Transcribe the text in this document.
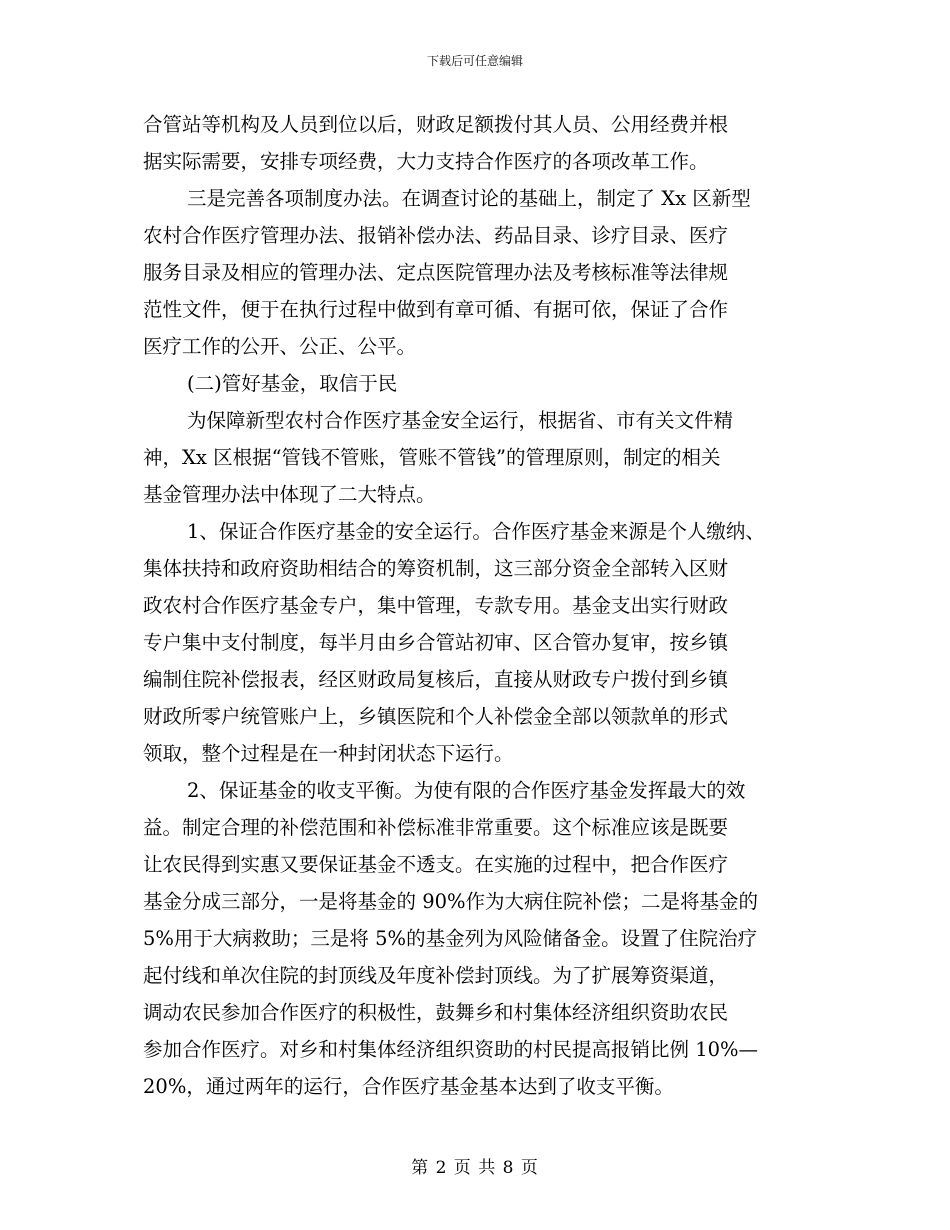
下载后可任意编辑
合管站等机构及人员到位以后，财政足额拨付其人员、公用经费并根
据实际需要，安排专项经费，大力支持合作医疗的各项改革工作。
三是完善各项制度办法。在调查讨论的基础上，制定了 Xx 区新型
农村合作医疗管理办法、报销补偿办法、药品目录、诊疗目录、医疗
服务目录及相应的管理办法、定点医院管理办法及考核标准等法律规
范性文件，便于在执行过程中做到有章可循、有据可依，保证了合作
医疗工作的公开、公正、公平。
(二)管好基金，取信于民
为保障新型农村合作医疗基金安全运行，根据省、市有关文件精
神，Xx 区根据“管钱不管账，管账不管钱”的管理原则，制定的相关
基金管理办法中体现了二大特点。
1、保证合作医疗基金的安全运行。合作医疗基金来源是个人缴纳、
集体扶持和政府资助相结合的筹资机制，这三部分资金全部转入区财
政农村合作医疗基金专户，集中管理，专款专用。基金支出实行财政
专户集中支付制度，每半月由乡合管站初审、区合管办复审，按乡镇
编制住院补偿报表，经区财政局复核后，直接从财政专户拨付到乡镇
财政所零户统管账户上，乡镇医院和个人补偿金全部以领款单的形式
领取，整个过程是在一种封闭状态下运行。
2、保证基金的收支平衡。为使有限的合作医疗基金发挥最大的效
益。制定合理的补偿范围和补偿标准非常重要。这个标准应该是既要
让农民得到实惠又要保证基金不透支。在实施的过程中，把合作医疗
基金分成三部分，一是将基金的 90%作为大病住院补偿；二是将基金的
5%用于大病救助；三是将 5%的基金列为风险储备金。设置了住院治疗
起付线和单次住院的封顶线及年度补偿封顶线。为了扩展筹资渠道，
调动农民参加合作医疗的积极性，鼓舞乡和村集体经济组织资助农民
参加合作医疗。对乡和村集体经济组织资助的村民提高报销比例 10%—
20%，通过两年的运行，合作医疗基金基本达到了收支平衡。
第 2 页 共 8 页
